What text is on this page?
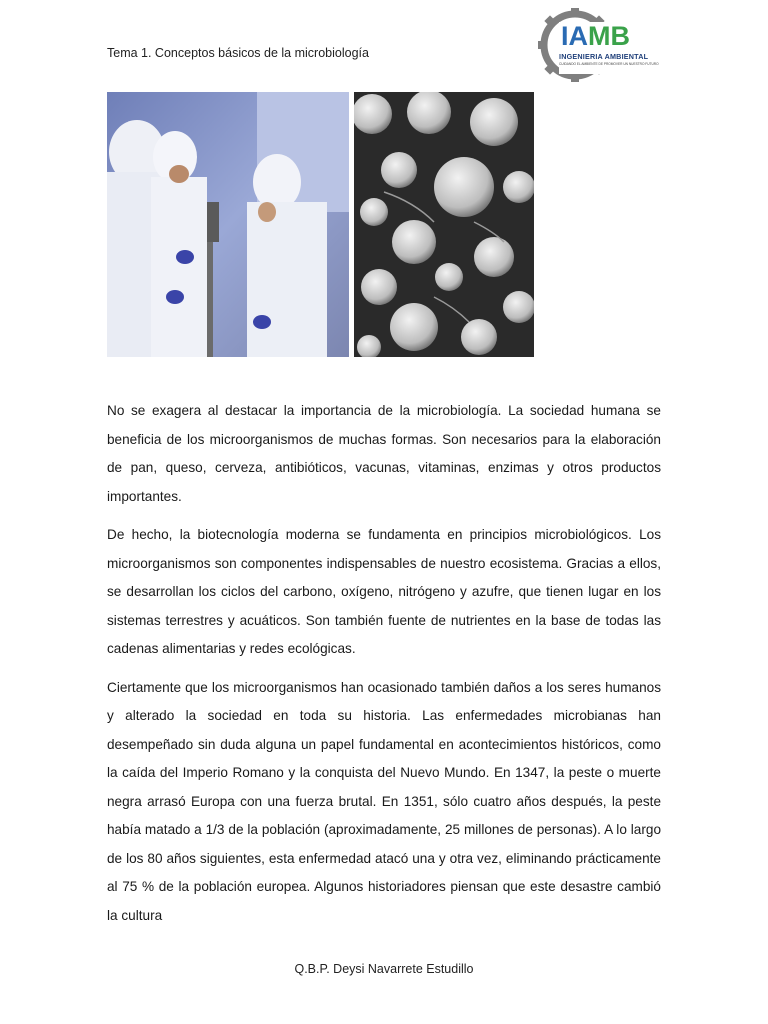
Tema 1. Conceptos básicos de la microbiología
IAMB
INGENIERIA AMBIENTAL
CUIDANDO EL AMBIENTE DE PROMOVER UN NUESTRO FUTURO

No se exagera al destacar la importancia de la microbiología. La sociedad humana se beneficia de los microorganismos de muchas formas. Son necesarios para la elaboración de pan, queso, cerveza, antibióticos, vacunas, vitaminas, enzimas y otros productos importantes.

De hecho, la biotecnología moderna se fundamenta en principios microbiológicos. Los microorganismos son componentes indispensables de nuestro ecosistema. Gracias a ellos, se desarrollan los ciclos del carbono, oxígeno, nitrógeno y azufre, que tienen lugar en los sistemas terrestres y acuáticos. Son también fuente de nutrientes en la base de todas las cadenas alimentarias y redes ecológicas.

Ciertamente que los microorganismos han ocasionado también daños a los seres humanos y alterado la sociedad en toda su historia. Las enfermedades microbianas han desempeñado sin duda alguna un papel fundamental en acontecimientos históricos, como la caída del Imperio Romano y la conquista del Nuevo Mundo. En 1347, la peste o muerte negra arrasó Europa con una fuerza brutal. En 1351, sólo cuatro años después, la peste había matado a 1/3 de la población (aproximadamente, 25 millones de personas). A lo largo de los 80 años siguientes, esta enfermedad atacó una y otra vez, eliminando prácticamente al 75 % de la población europea. Algunos historiadores piensan que este desastre cambió la cultura

Q.B.P. Deysi Navarrete Estudillo
